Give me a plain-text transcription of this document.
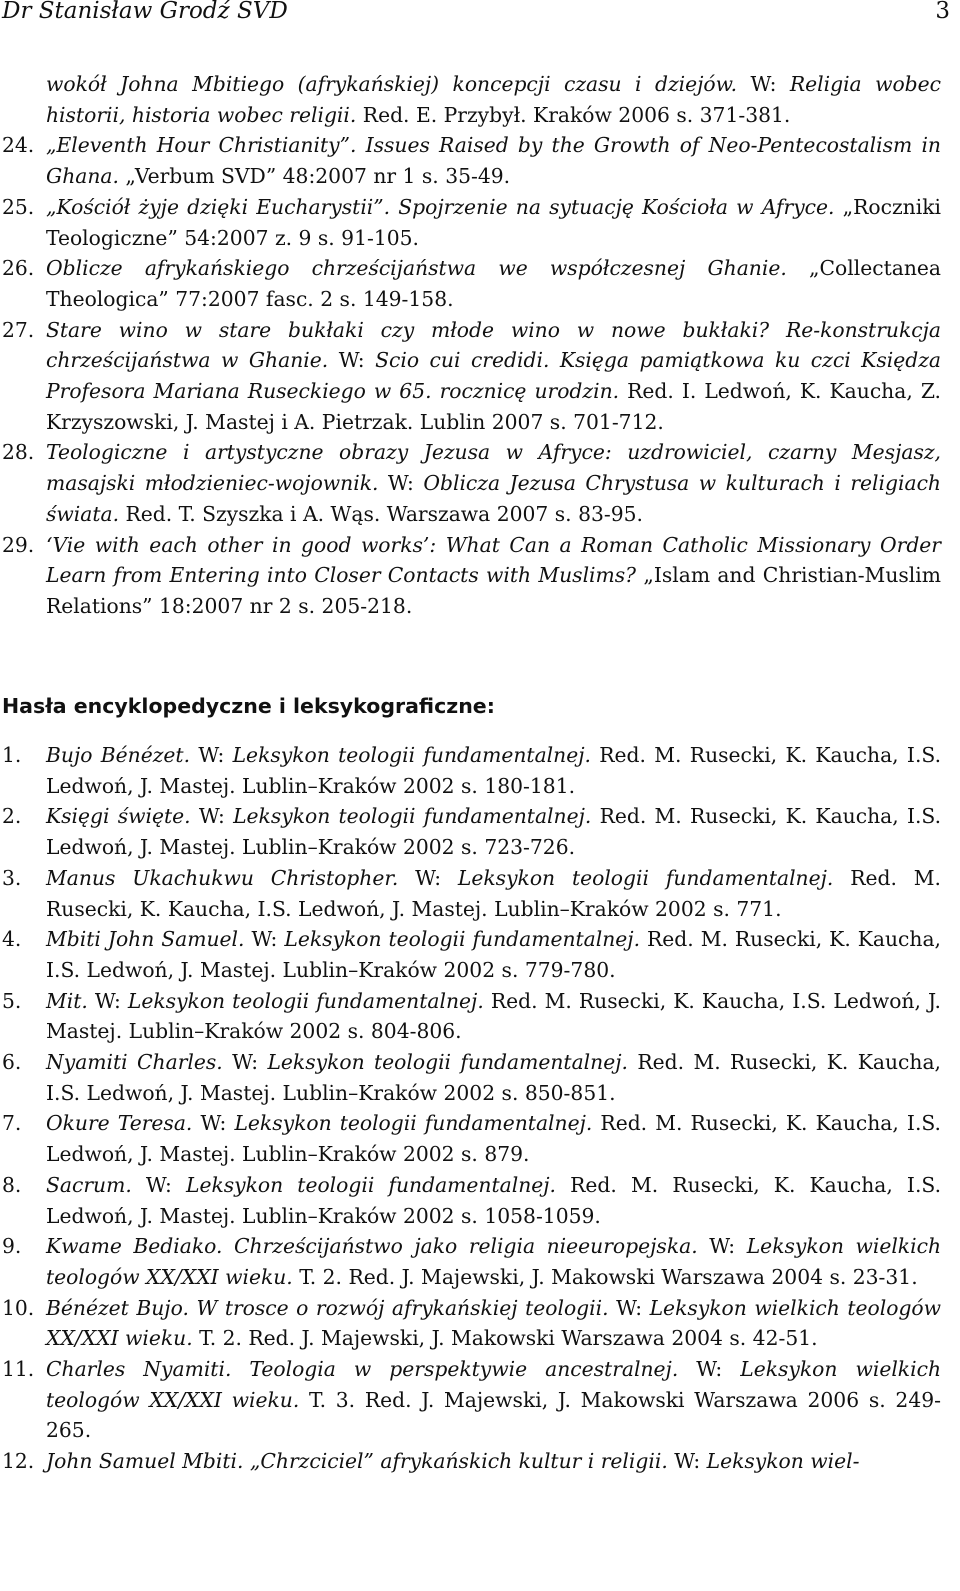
Dr Stanisław Grodź SVD	3
wokół Johna Mbitiego (afrykańskiej) koncepcji czasu i dziejów. W: Religia wobec historii, historia wobec religii. Red. E. Przybył. Kraków 2006 s. 371-381.
24. „Eleventh Hour Christianity”. Issues Raised by the Growth of Neo-Pentecostalism in Ghana. „Verbum SVD” 48:2007 nr 1 s. 35-49.
25. „Kościół żyje dzięki Eucharystii”. Spojrzenie na sytuację Kościoła w Afryce. „Roczniki Teologiczne” 54:2007 z. 9 s. 91-105.
26. Oblicze afrykańskiego chrześcijaństwa we współczesnej Ghanie. „Collectanea Theologica” 77:2007 fasc. 2 s. 149-158.
27. Stare wino w stare bukłaki czy młode wino w nowe bukłaki? Re-konstrukcja chrześcijaństwa w Ghanie. W: Scio cui credidi. Księga pamiątkowa ku czci Księdza Profesora Mariana Ruseckiego w 65. rocznicę urodzin. Red. I. Ledwoń, K. Kaucha, Z. Krzyszowski, J. Mastej i A. Pietrzak. Lublin 2007 s. 701-712.
28. Teologiczne i artystyczne obrazy Jezusa w Afryce: uzdrowiciel, czarny Mesjasz, masajski młodzieniec-wojownik. W: Oblicza Jezusa Chrystusa w kulturach i religiach świata. Red. T. Szyszka i A. Wąs. Warszawa 2007 s. 83-95.
29. ‘Vie with each other in good works’: What Can a Roman Catholic Missionary Order Learn from Entering into Closer Contacts with Muslims? „Islam and Christian-Muslim Relations” 18:2007 nr 2 s. 205-218.
Hasła encyklopedyczne i leksykograficzne:
1. Bujo Bénézet. W: Leksykon teologii fundamentalnej. Red. M. Rusecki, K. Kaucha, I.S. Ledwoń, J. Mastej. Lublin–Kraków 2002 s. 180-181.
2. Księgi święte. W: Leksykon teologii fundamentalnej. Red. M. Rusecki, K. Kaucha, I.S. Ledwoń, J. Mastej. Lublin–Kraków 2002 s. 723-726.
3. Manus Ukachukwu Christopher. W: Leksykon teologii fundamentalnej. Red. M. Rusecki, K. Kaucha, I.S. Ledwoń, J. Mastej. Lublin–Kraków 2002 s. 771.
4. Mbiti John Samuel. W: Leksykon teologii fundamentalnej. Red. M. Rusecki, K. Kaucha, I.S. Ledwoń, J. Mastej. Lublin–Kraków 2002 s. 779-780.
5. Mit. W: Leksykon teologii fundamentalnej. Red. M. Rusecki, K. Kaucha, I.S. Ledwoń, J. Mastej. Lublin–Kraków 2002 s. 804-806.
6. Nyamiti Charles. W: Leksykon teologii fundamentalnej. Red. M. Rusecki, K. Kaucha, I.S. Ledwoń, J. Mastej. Lublin–Kraków 2002 s. 850-851.
7. Okure Teresa. W: Leksykon teologii fundamentalnej. Red. M. Rusecki, K. Kaucha, I.S. Ledwoń, J. Mastej. Lublin–Kraków 2002 s. 879.
8. Sacrum. W: Leksykon teologii fundamentalnej. Red. M. Rusecki, K. Kaucha, I.S. Ledwoń, J. Mastej. Lublin–Kraków 2002 s. 1058-1059.
9. Kwame Bediako. Chrześcijaństwo jako religia nieeuropejska. W: Leksykon wielkich teologów XX/XXI wieku. T. 2. Red. J. Majewski, J. Makowski Warszawa 2004 s. 23-31.
10. Bénézet Bujo. W trosce o rozwój afrykańskiej teologii. W: Leksykon wielkich teologów XX/XXI wieku. T. 2. Red. J. Majewski, J. Makowski Warszawa 2004 s. 42-51.
11. Charles Nyamiti. Teologia w perspektywie ancestralnej. W: Leksykon wielkich teologów XX/XXI wieku. T. 3. Red. J. Majewski, J. Makowski Warszawa 2006 s. 249-265.
12. John Samuel Mbiti. „Chrzciciel” afrykańskich kultur i religii. W: Leksykon wiel-
